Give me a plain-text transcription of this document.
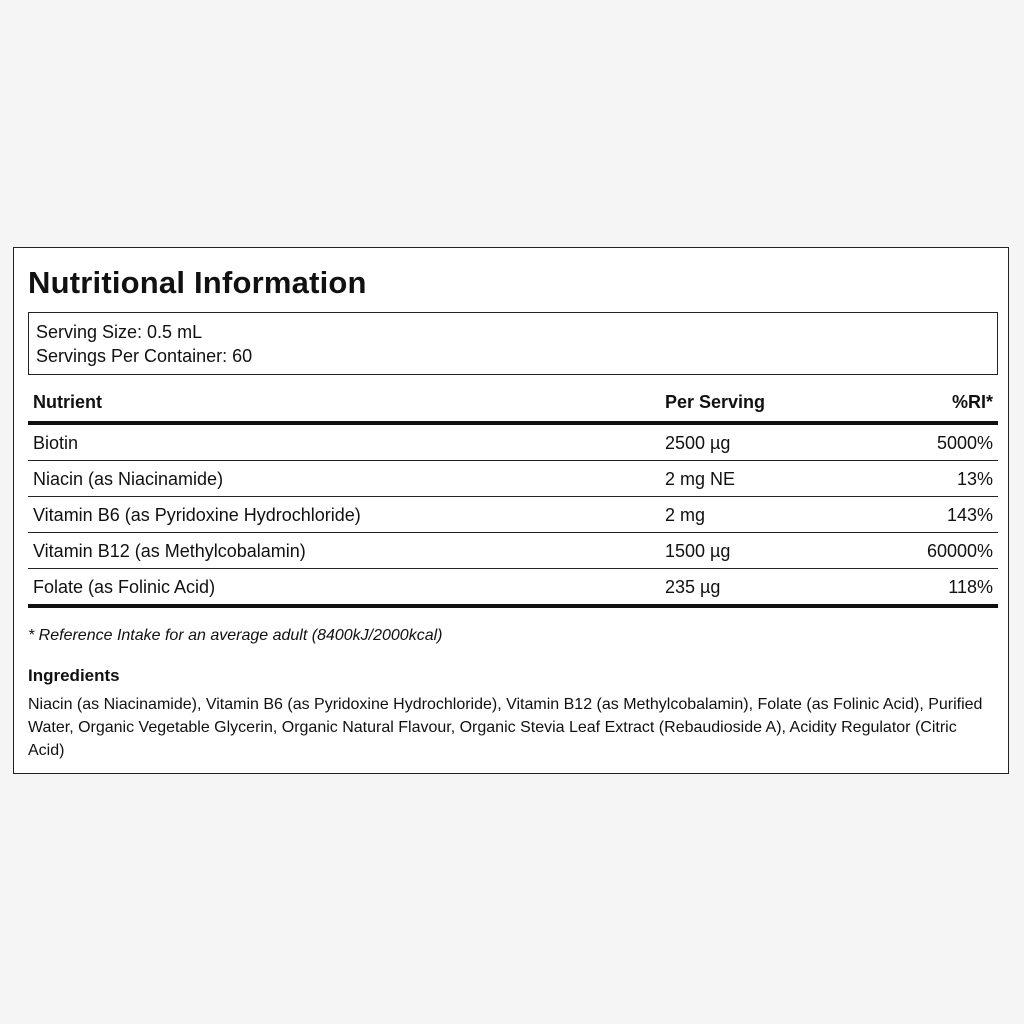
Nutritional Information
Serving Size: 0.5 mL
Servings Per Container: 60
Nutrient	Per Serving	%RI*
Biotin	2500 µg	5000%
Niacin (as Niacinamide)	2 mg NE	13%
Vitamin B6 (as Pyridoxine Hydrochloride)	2 mg	143%
Vitamin B12 (as Methylcobalamin)	1500 µg	60000%
Folate (as Folinic Acid)	235 µg	118%
* Reference Intake for an average adult (8400kJ/2000kcal)
Ingredients
Niacin (as Niacinamide), Vitamin B6 (as Pyridoxine Hydrochloride), Vitamin B12 (as Methylcobalamin), Folate (as Folinic Acid), Purified Water, Organic Vegetable Glycerin, Organic Natural Flavour, Organic Stevia Leaf Extract (Rebaudioside A), Acidity Regulator (Citric Acid)
